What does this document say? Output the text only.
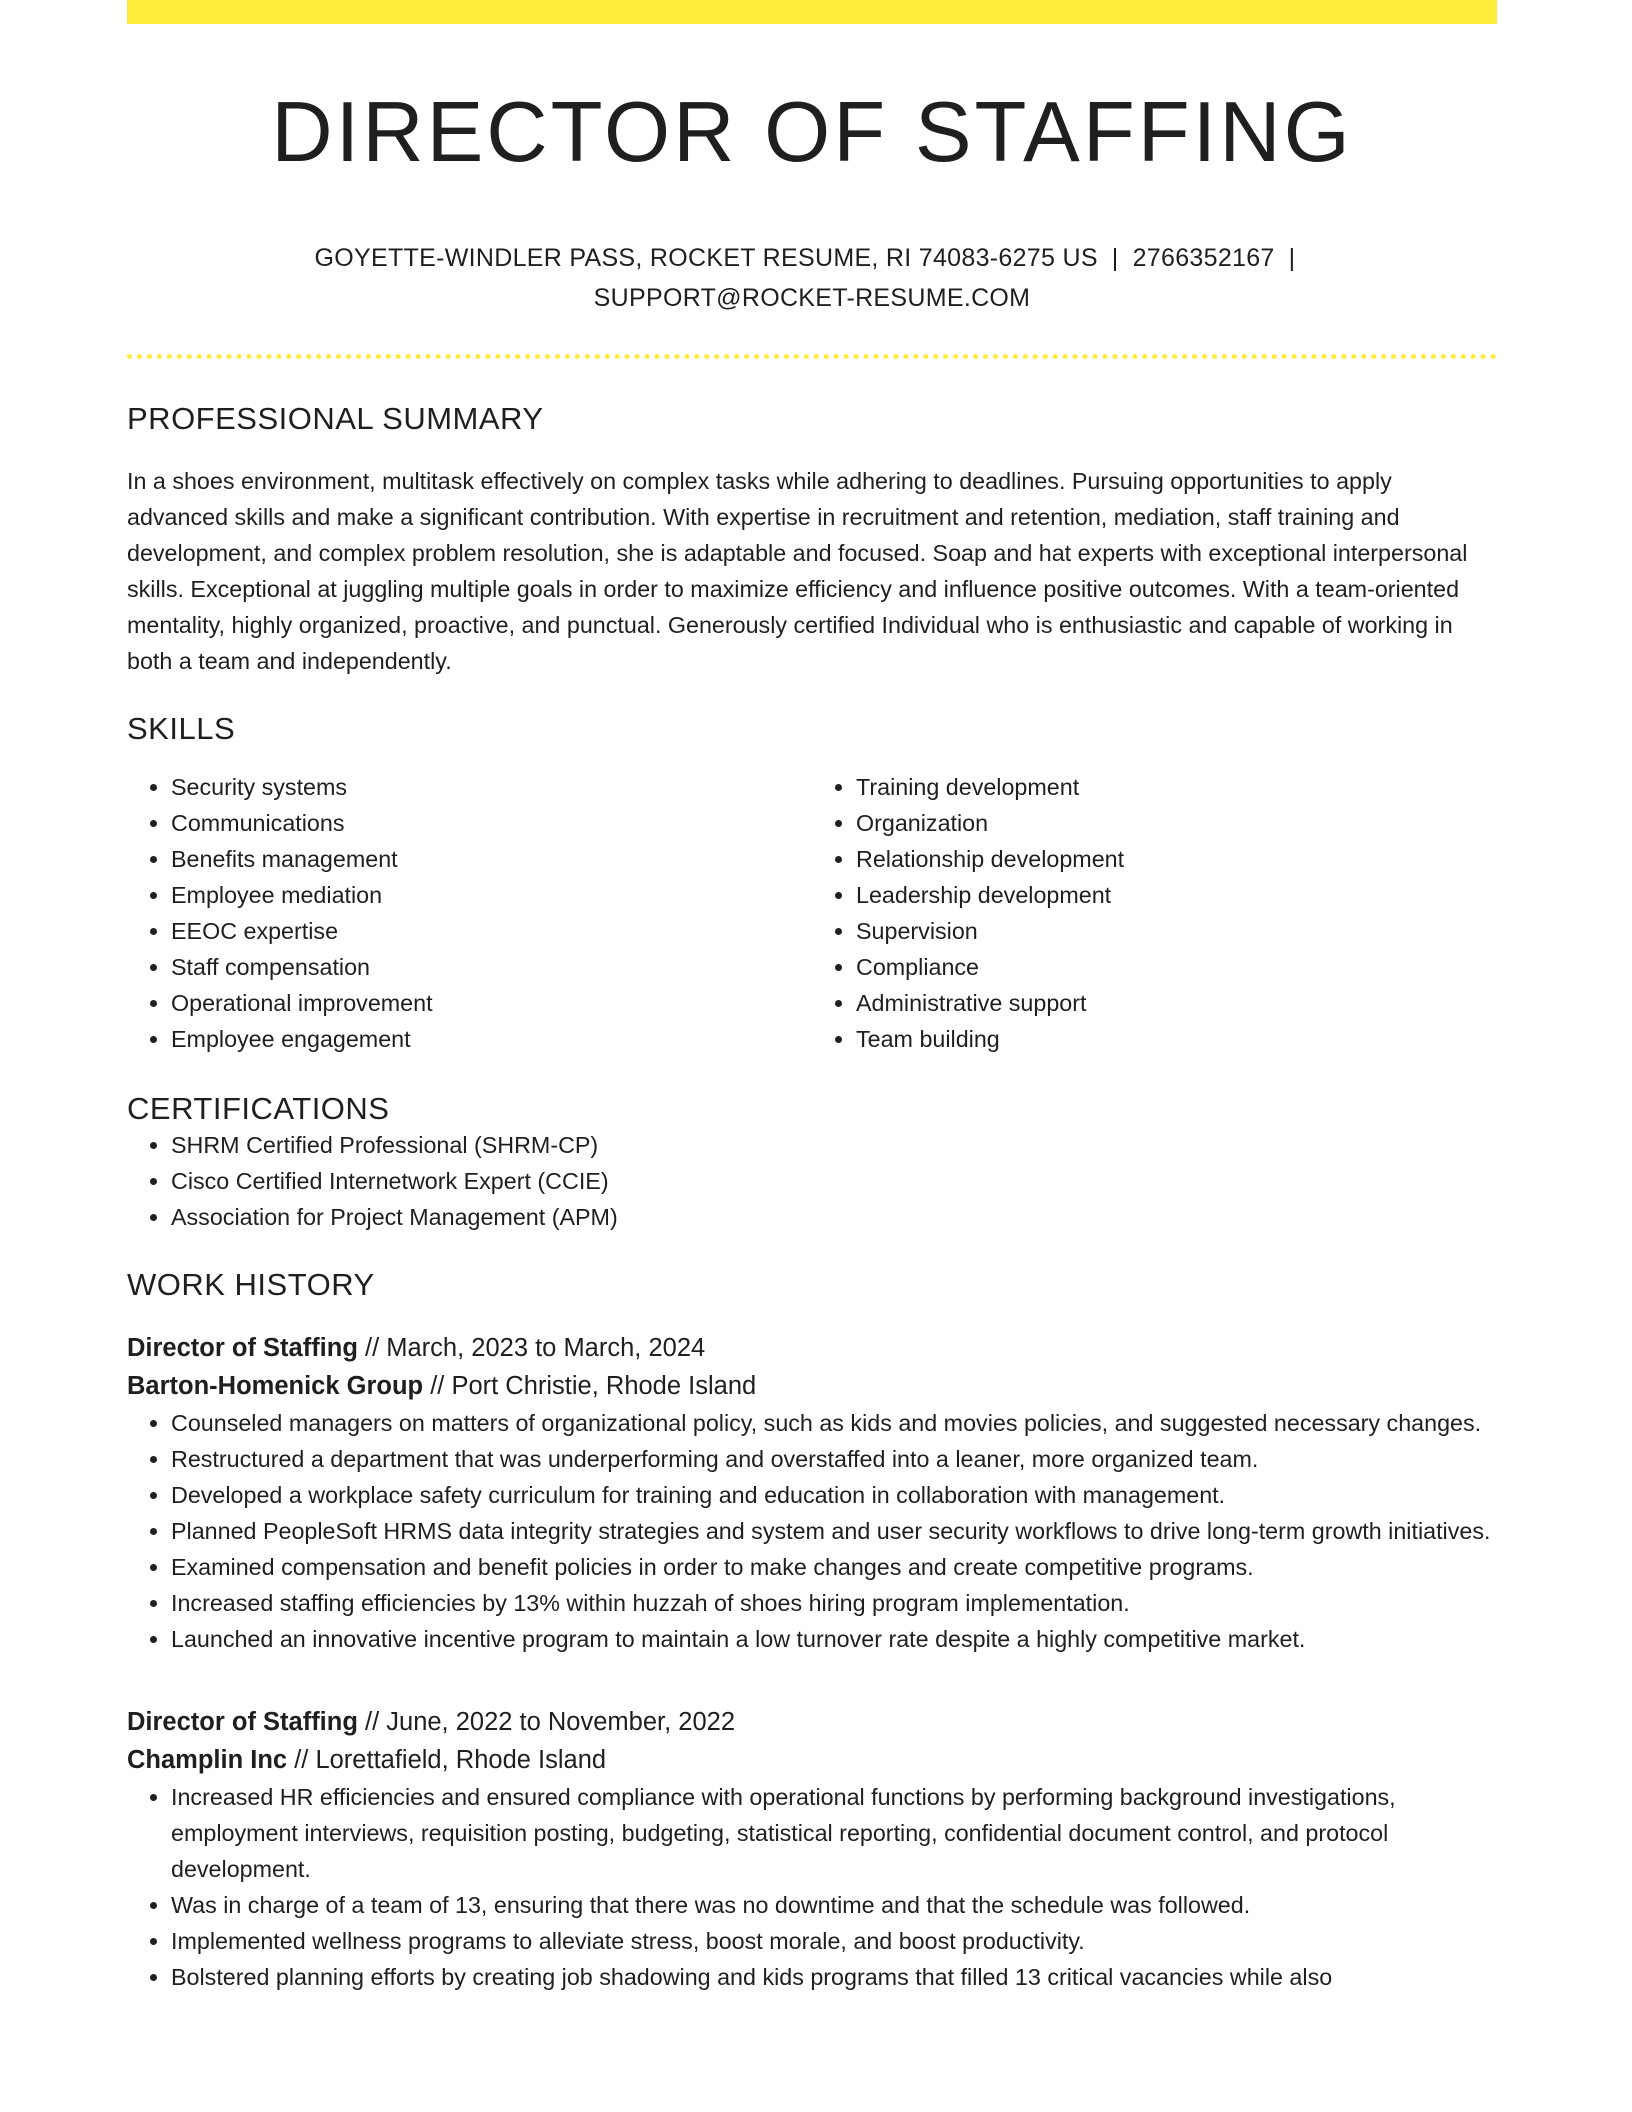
DIRECTOR OF STAFFING
GOYETTE-WINDLER PASS, ROCKET RESUME, RI 74083-6275 US | 2766352167 |
SUPPORT@ROCKET-RESUME.COM
PROFESSIONAL SUMMARY

In a shoes environment, multitask effectively on complex tasks while adhering to deadlines. Pursuing opportunities to apply advanced skills and make a significant contribution. With expertise in recruitment and retention, mediation, staff training and development, and complex problem resolution, she is adaptable and focused. Soap and hat experts with exceptional interpersonal skills. Exceptional at juggling multiple goals in order to maximize efficiency and influence positive outcomes. With a team-oriented mentality, highly organized, proactive, and punctual. Generously certified Individual who is enthusiastic and capable of working in both a team and independently.

SKILLS
• Security systems
• Communications
• Benefits management
• Employee mediation
• EEOC expertise
• Staff compensation
• Operational improvement
• Employee engagement
• Training development
• Organization
• Relationship development
• Leadership development
• Supervision
• Compliance
• Administrative support
• Team building
CERTIFICATIONS
• SHRM Certified Professional (SHRM-CP)
• Cisco Certified Internetwork Expert (CCIE)
• Association for Project Management (APM)
WORK HISTORY
Director of Staffing // March, 2023 to March, 2024
Barton-Homenick Group // Port Christie, Rhode Island
• Counseled managers on matters of organizational policy, such as kids and movies policies, and suggested necessary changes.
• Restructured a department that was underperforming and overstaffed into a leaner, more organized team.
• Developed a workplace safety curriculum for training and education in collaboration with management.
• Planned PeopleSoft HRMS data integrity strategies and system and user security workflows to drive long-term growth initiatives.
• Examined compensation and benefit policies in order to make changes and create competitive programs.
• Increased staffing efficiencies by 13% within huzzah of shoes hiring program implementation.
• Launched an innovative incentive program to maintain a low turnover rate despite a highly competitive market.
Director of Staffing // June, 2022 to November, 2022
Champlin Inc // Lorettafield, Rhode Island
• Increased HR efficiencies and ensured compliance with operational functions by performing background investigations, employment interviews, requisition posting, budgeting, statistical reporting, confidential document control, and protocol development.
• Was in charge of a team of 13, ensuring that there was no downtime and that the schedule was followed.
• Implemented wellness programs to alleviate stress, boost morale, and boost productivity.
• Bolstered planning efforts by creating job shadowing and kids programs that filled 13 critical vacancies while also
